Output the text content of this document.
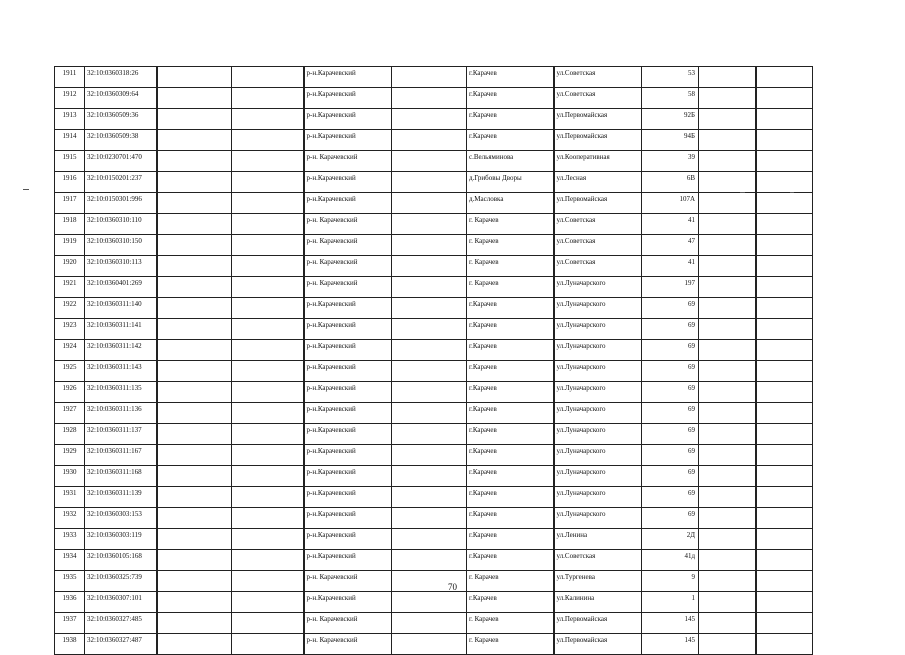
1911	32:10:0360318:26			р-н.Карачевский		г.Карачев	ул.Советская	53		
1912	32:10:0360309:64			р-н.Карачевский		г.Карачев	ул.Советская	58		
1913	32:10:0360509:36			р-н.Карачевский		г.Карачев	ул.Первомайская	92Б		
1914	32:10:0360509:38			р-н.Карачевский		г.Карачев	ул.Первомайская	94Б		
1915	32:10:0230701:470			р-н. Карачевский		с.Вельяминова	ул.Кооперативная	39		
1916	32:10:0150201:237			р-н.Карачевский		д.Грибовы Дворы	ул.Лесная	6В		
1917	32:10:0150301:996			р-н.Карачевский		д.Масловка	ул.Первомайская	107А		
1918	32:10:0360310:110			р-н. Карачевский		г. Карачев	ул.Советская	41		
1919	32:10:0360310:150			р-н. Карачевский		г. Карачев	ул.Советская	47		
1920	32:10:0360310:113			р-н. Карачевский		г. Карачев	ул.Советская	41		
1921	32:10:0360401:269			р-н. Карачевский		г. Карачев	ул.Луначарского	197		
1922	32:10:0360311:140			р-н.Карачевский		г.Карачев	ул.Луначарского	69		
1923	32:10:0360311:141			р-н.Карачевский		г.Карачев	ул.Луначарского	69		
1924	32:10:0360311:142			р-н.Карачевский		г.Карачев	ул.Луначарского	69		
1925	32:10:0360311:143			р-н.Карачевский		г.Карачев	ул.Луначарского	69		
1926	32:10:0360311:135			р-н.Карачевский		г.Карачев	ул.Луначарского	69		
1927	32:10:0360311:136			р-н.Карачевский		г.Карачев	ул.Луначарского	69		
1928	32:10:0360311:137			р-н.Карачевский		г.Карачев	ул.Луначарского	69		
1929	32:10:0360311:167			р-н.Карачевский		г.Карачев	ул.Луначарского	69		
1930	32:10:0360311:168			р-н.Карачевский		г.Карачев	ул.Луначарского	69		
1931	32:10:0360311:139			р-н.Карачевский		г.Карачев	ул.Луначарского	69		
1932	32:10:0360303:153			р-н.Карачевский		г.Карачев	ул.Луначарского	69		
1933	32:10:0360303:119			р-н.Карачевский		г.Карачев	ул.Ленина	2Д		
1934	32:10:0360105:168			р-н.Карачевский		г.Карачев	ул.Советская	41д		
1935	32:10:0360325:739			р-н. Карачевский		г. Карачев	ул.Тургенева	9		
1936	32:10:0360307:101			р-н.Карачевский		г.Карачев	ул.Калинина	1		
1937	32:10:0360327:485			р-н. Карачевский		г. Карачев	ул.Первомайская	145		
1938	32:10:0360327:487			р-н. Карачевский		г. Карачев	ул.Первомайская	145		
70
